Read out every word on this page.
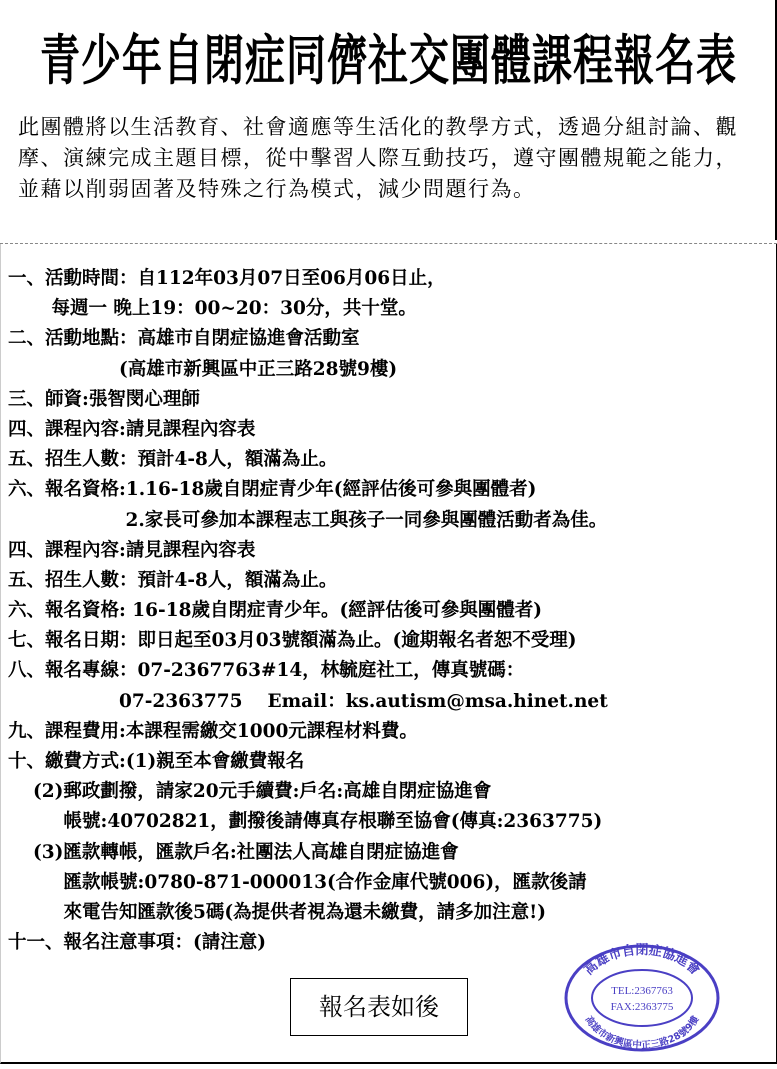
青少年自閉症同儕社交團體課程報名表
此團體將以生活教育、社會適應等生活化的教學方式，透過分組討論、觀摩、演練完成主題目標，從中擊習人際互動技巧，遵守團體規範之能力，並藉以削弱固著及特殊之行為模式，減少問題行為。
一、活動時間：自112年03月07日至06月06日止，
　　 每週一 晚上19：00~20：30分，共十堂。
二、活動地點：高雄市自閉症協進會活動室
　　　　　　(高雄市新興區中正三路28號9樓)
三、師資:張智閔心理師
四、課程內容:請見課程內容表
五、招生人數：預計4-8人，額滿為止。
六、報名資格:1.16-18歲自閉症青少年(經評估後可參與團體者)
　　　　　　 2.家長可參加本課程志工與孩子一同參與團體活動者為佳。
四、課程內容:請見課程內容表
五、招生人數：預計4-8人，額滿為止。
六、報名資格: 16-18歲自閉症青少年。(經評估後可參與團體者)
七、報名日期：即日起至03月03號額滿為止。(逾期報名者恕不受理)
八、報名專線：07-2367763#14，林毓庭社工，傳真號碼：
　　　　　　07-2363775　 Email：ks.autism@msa.hinet.net
九、課程費用:本課程需繳交1000元課程材料費。
十、繳費方式:(1)親至本會繳費報名
　 (2)郵政劃撥，請家20元手續費:戶名:高雄自閉症協進會
　　　帳號:40702821，劃撥後請傳真存根聯至協會(傳真:2363775)
　 (3)匯款轉帳，匯款戶名:社團法人高雄自閉症協進會
　　　匯款帳號:0780-871-000013(合作金庫代號006)，匯款後請
　　　來電告知匯款後5碼(為提供者視為還未繳費，請多加注意!)
十一、報名注意事項：(請注意)
報名表如後
高雄市自閉症協進會
高雄市新興區中正三路28號9樓
TEL:2367763
FAX:2363775
